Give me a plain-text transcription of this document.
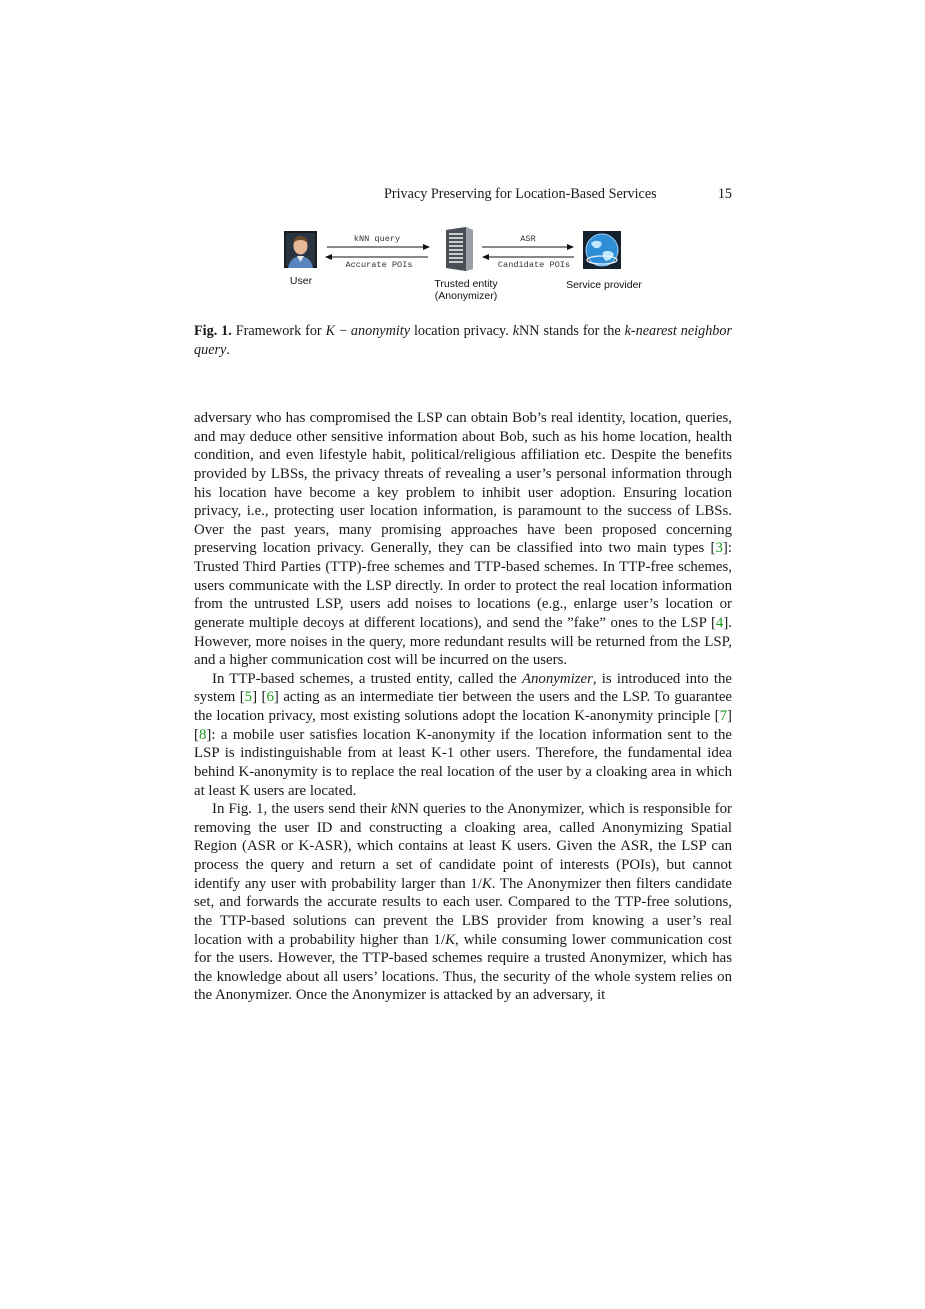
Privacy Preserving for Location-Based Services	15
User
kNN query
Accurate POIs
Trusted entity
(Anonymizer)
ASR
Candidate POIs
Service provider
Fig. 1. Framework for K − anonymity location privacy. kNN stands for the k-nearest neighbor query.

adversary who has compromised the LSP can obtain Bob’s real identity, location, queries, and may deduce other sensitive information about Bob, such as his home location, health condition, and even lifestyle habit, political/religious affiliation etc. Despite the benefits provided by LBSs, the privacy threats of revealing a user’s personal information through his location have become a key problem to inhibit user adoption. Ensuring location privacy, i.e., protecting user location information, is paramount to the success of LBSs. Over the past years, many promising approaches have been proposed concerning preserving location privacy. Generally, they can be classified into two main types [3]: Trusted Third Parties (TTP)-free schemes and TTP-based schemes. In TTP-free schemes, users communicate with the LSP directly. In order to protect the real location information from the untrusted LSP, users add noises to locations (e.g., enlarge user’s location or generate multiple decoys at different locations), and send the ”fake” ones to the LSP [4]. However, more noises in the query, more redundant results will be returned from the LSP, and a higher communication cost will be incurred on the users.

In TTP-based schemes, a trusted entity, called the Anonymizer, is introduced into the system [5] [6] acting as an intermediate tier between the users and the LSP. To guarantee the location privacy, most existing solutions adopt the location K-anonymity principle [7] [8]: a mobile user satisfies location K-anonymity if the location information sent to the LSP is indistinguishable from at least K-1 other users. Therefore, the fundamental idea behind K-anonymity is to replace the real location of the user by a cloaking area in which at least K users are located.

In Fig. 1, the users send their kNN queries to the Anonymizer, which is responsible for removing the user ID and constructing a cloaking area, called Anonymizing Spatial Region (ASR or K-ASR), which contains at least K users. Given the ASR, the LSP can process the query and return a set of candidate point of interests (POIs), but cannot identify any user with probability larger than 1/K. The Anonymizer then filters candidate set, and forwards the accurate results to each user. Compared to the TTP-free solutions, the TTP-based solutions can prevent the LBS provider from knowing a user’s real location with a probability higher than 1/K, while consuming lower communication cost for the users. However, the TTP-based schemes require a trusted Anonymizer, which has the knowledge about all users’ locations. Thus, the security of the whole system relies on the Anonymizer. Once the Anonymizer is attacked by an adversary, it
